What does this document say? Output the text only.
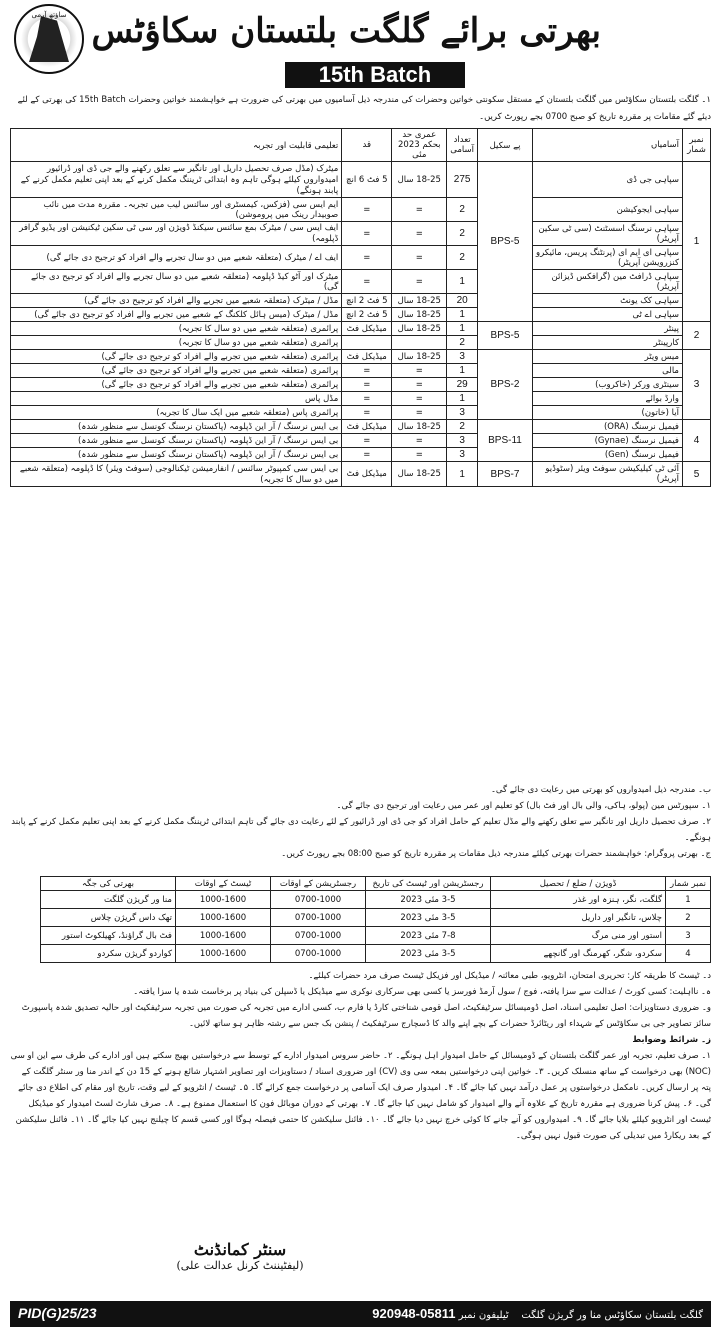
ساؤتھ آرمی بھرتی برائے گلگت بلتستان سکاؤٹس
15th Batch
۱۔ گلگت بلتستان سکاؤٹس میں گلگت بلتستان کے مستقل سکونتی خواتین وحضرات کی مندرجہ ذیل آسامیوں میں بھرتی کی ضرورت ہے خواہشمند خواتین وحضرات 15th Batch کی بھرتی کے لئے دیئے گئے مقامات پر مقررہ تاریخ کو صبح 0700 بجے رپورٹ کریں۔
نمبر شمار	آسامیاں	پے سکیل	تعداد آسامی	عمری حد بحکم 2023 مئی	قد	تعلیمی قابلیت اور تجربہ
1	سپاہی جی ڈی	BPS-5	275	18-25 سال	5 فٹ 6 انچ	میٹرک (مڈل صرف تحصیل داریل اور تانگیر سے تعلق رکھنے والے جی ڈی اور ڈرائیور امیدواروں کیلئے ہوگی تاہم وہ ابتدائی ٹریننگ مکمل کرنے کے بعد اپنی تعلیم مکمل کرنے کے پابند ہونگے)
	سپاہی ایجوکیشن		2	=	=	ایم ایس سی (فزکس، کیمسٹری اور سائنس لیب میں تجربہ۔ مقررہ مدت میں نائب صوبیدار رینک میں پروموشن)
	سپاہی نرسنگ اسسٹنٹ (سی ٹی سکین آپریٹر)		2	=	=	ایف ایس سی / میٹرک بمع سائنس سیکنڈ ڈویژن اور سی ٹی سکین ٹیکنیشن اور یڈیو گرافر ڈپلومہ)
	سپاہی ای ایم ای (پرنٹنگ پریس، مائیکرو کنزرویشن آپریٹر)		2	=	=	ایف اے / میٹرک (متعلقہ شعبے میں دو سال تجربے والے افراد کو ترجیح دی جائے گی)
	سپاہی ڈرافٹ مین (گرافکس ڈیزائن آپریٹر)		1	=	=	میٹرک اور آٹو کیڈ ڈپلومہ (متعلقہ شعبے میں دو سال تجربے والے افراد کو ترجیح دی جائے گی)
	سپاہی کک یونٹ		20	18-25 سال	5 فٹ 2 انچ	مڈل / میٹرک (متعلقہ شعبے میں تجربے والے افراد کو ترجیح دی جائے گی)
	سپاہی اے ٹی		1	18-25 سال	5 فٹ 2 انچ	مڈل / میٹرک (میس ہائل کلکنگ کے شعبے میں تجربے والے افراد کو ترجیح دی جائے گی)
2	پینٹر	BPS-5	1	18-25 سال	میڈیکل فٹ	پرائمری (متعلقہ شعبے میں دو سال کا تجربہ)
	کارپینٹر		2			پرائمری (متعلقہ شعبے میں دو سال کا تجربہ)
3	میس ویٹر	BPS-2	3	18-25 سال	میڈیکل فٹ	پرائمری (متعلقہ شعبے میں تجربے والے افراد کو ترجیح دی جائے گی)
	مالی		1	=	=	پرائمری (متعلقہ شعبے میں تجربے والے افراد کو ترجیح دی جائے گی)
	سینٹری ورکر (خاکروب)		29	=	=	پرائمری (متعلقہ شعبے میں تجربے والے افراد کو ترجیح دی جائے گی)
	وارڈ بوائے		1	=	=	مڈل پاس
	آیا (خاتون)		3	=	=	پرائمری پاس (متعلقہ شعبے میں ایک سال کا تجربہ)
4	فیمیل نرسنگ (ORA)	BPS-11	2	18-25 سال	میڈیکل فٹ	بی ایس نرسنگ / آر این ڈپلومہ (پاکستان نرسنگ کونسل سے منظور شدہ)
	فیمیل نرسنگ (Gynae)		3	=	=	بی ایس نرسنگ / آر این ڈپلومہ (پاکستان نرسنگ کونسل سے منظور شدہ)
	فیمیل نرسنگ (Gen)		3	=	=	بی ایس نرسنگ / آر این ڈپلومہ (پاکستان نرسنگ کونسل سے منظور شدہ)
5	آئی ٹی کیلیکیشن سوفٹ ویئر (سٹوڈیو آپریٹر)	BPS-7	1	18-25 سال	میڈیکل فٹ	بی ایس سی کمپیوٹر سائنس / انفارمیشن ٹیکنالوجی (سوفٹ ویئر) کا ڈپلومہ (متعلقہ شعبے میں دو سال کا تجربہ)
ب۔ مندرجہ ذیل امیدواروں کو بھرتی میں رعایت دی جائے گی۔
۱۔ سپورٹس مین (پولو، ہاکی، والی بال اور فٹ بال) کو تعلیم اور عمر میں رعایت اور ترجیح دی جائے گی۔
۲۔ صرف تحصیل داریل اور تانگیر سے تعلق رکھنے والے مڈل تعلیم کے حامل افراد کو جی ڈی اور ڈرائیور کے لئے رعایت دی جائے گی تاہم ابتدائی ٹریننگ مکمل کرنے کے بعد اپنی تعلیم مکمل کرنے کے پابند ہونگے۔
ج۔ بھرتی پروگرام: خواہشمند حضرات بھرتی کیلئے مندرجہ ذیل مقامات پر مقررہ تاریخ کو صبح 08:00 بجے رپورٹ کریں۔
نمبر شمار	ڈویژن / ضلع / تحصیل	رجسٹریشن اور ٹیسٹ کی تاریخ	رجسٹریشن کے اوقات	ٹیسٹ کے اوقات	بھرتی کی جگہ
1	گلگت، نگر، ہنزہ اور غذر	3-5 مئی 2023	0700-1000	1000-1600	منا ور گریژن گلگت
2	چلاس، تانگیر اور داریل	3-5 مئی 2023	0700-1000	1000-1600	تھک داس گریژن چلاس
3	استور اور منی مرگ	7-8 مئی 2023	0700-1000	1000-1600	فٹ بال گراؤنڈ، کھیلکوٹ استور
4	سکردو، شگر، کھرمنگ اور گانچھے	3-5 مئی 2023	0700-1000	1000-1600	کواردو گریژن سکردو
د۔ ٹیسٹ کا طریقہ کار: تحریری امتحان، انٹرویو، طبی معائنہ / میڈیکل اور فزیکل ٹیسٹ صرف مرد حضرات کیلئے۔
ہ۔ نااہلیت: کسی کورٹ / عدالت سے سزا یافتہ، فوج / سول آرمڈ فورسز یا کسی بھی سرکاری نوکری سے میڈیکل یا ڈسپلن کی بنیاد پر برخاست شدہ یا سزا یافتہ۔
و۔ ضروری دستاویزات: اصل تعلیمی اسناد، اصل ڈومیسائل سرٹیفکیٹ، اصل قومی شناختی کارڈ یا فارم ب، کسی ادارے میں تجربہ کی صورت میں تجربہ سرٹیفکیٹ اور حالیہ تصدیق شدہ پاسپورٹ سائز تصاویر جی بی سکاؤٹس کے شہداء اور ریٹائرڈ حضرات کے بچے اپنے والد کا ڈسچارج سرٹیفکیٹ / پنشن بک جس سے رشتہ ظاہر ہو ساتھ لائیں۔
ز۔ شرائط وضوابط
۱۔ صرف تعلیم، تجربہ اور عمر گلگت بلتستان کے ڈومیسائل کے حامل امیدوار اہل ہونگے۔ ۲۔ حاضر سروس امیدوار ادارے کے توسط سے درخواستیں بھیج سکتے ہیں اور ادارے کی طرف سے این او سی (NOC) بھی درخواست کے ساتھ منسلک کریں۔ ۳۔ خواتین اپنی درخواستیں بمعہ سی وی (CV) اور ضروری اسناد / دستاویزات اور تصاویر اشتہار شائع ہونے کے 15 دن کے اندر منا ور سنٹر گلگت کے پتہ پر ارسال کریں۔ نامکمل درخواستوں پر عمل درآمد نہیں کیا جائے گا۔ ۴۔ امیدوار صرف ایک آسامی پر درخواست جمع کرائے گا۔ ۵۔ ٹیسٹ / انٹرویو کے لیے وقت، تاریخ اور مقام کی اطلاع دی جائے گی۔ ۶۔ پیش کرنا ضروری ہے مقررہ تاریخ کے علاوہ آنے والے امیدوار کو شامل نہیں کیا جائے گا۔ ۷۔ بھرتی کے دوران موبائل فون کا استعمال ممنوع ہے۔ ۸۔ صرف شارٹ لسٹ امیدوار کو میڈیکل ٹیسٹ اور انٹرویو کیلئے بلایا جائے گا۔ ۹۔ امیدواروں کو آنے جانے کا کوئی خرچ نہیں دیا جائے گا۔ ۱۰۔ فائنل سلیکشن کا حتمی فیصلہ ہوگا اور کسی قسم کا چیلنج نہیں کیا جائے گا۔ ۱۱۔ فائنل سلیکشن کے بعد ریکارڈ میں تبدیلی کی صورت قبول نہیں ہوگی۔
سنٹر کمانڈنٹ
(لیفٹیننٹ کرنل عدالت علی)
PID(G)25/23	گلگت بلتستان سکاؤٹس منا ور گریژن گلگت    ٹیلیفون نمبر 05811-920948
